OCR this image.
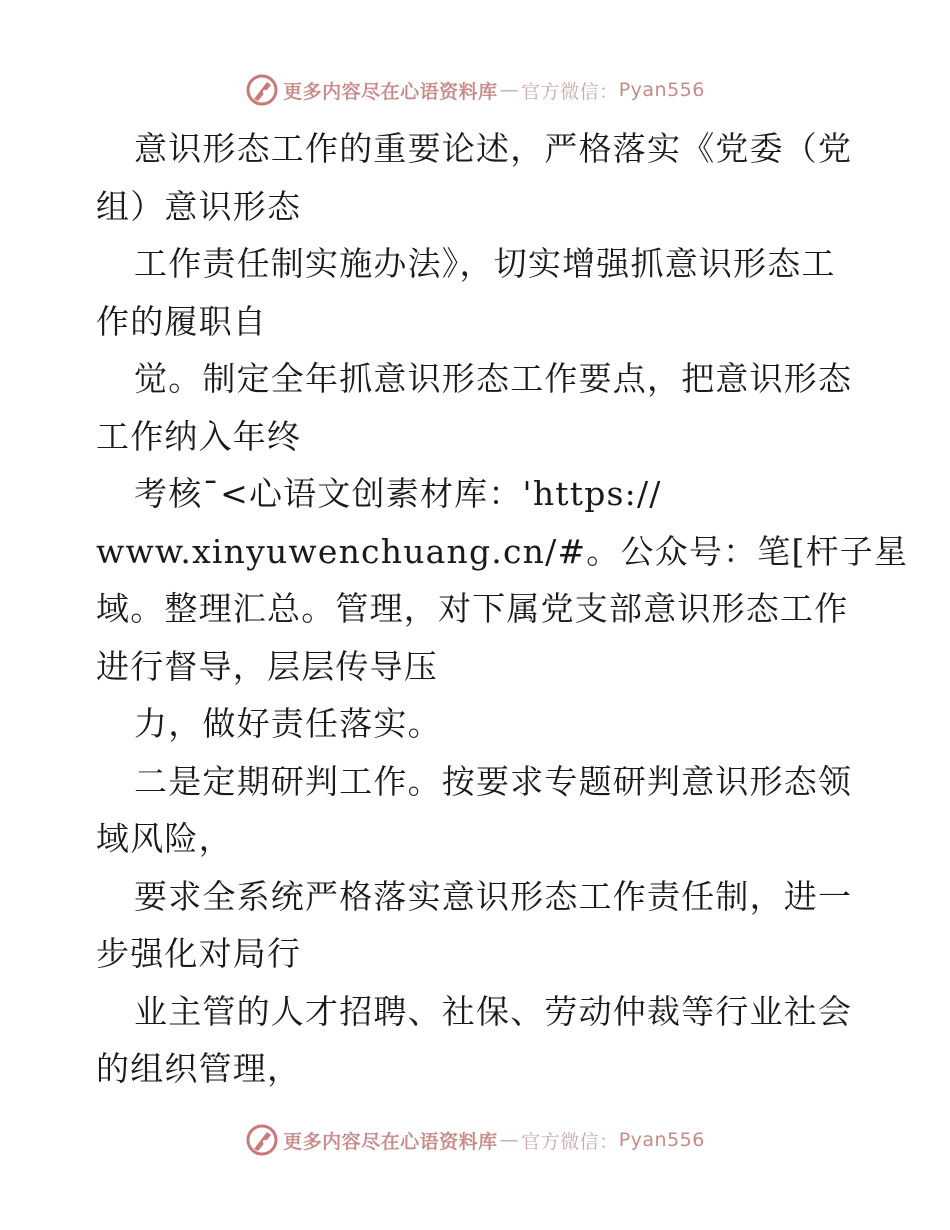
更多内容尽在心语资料库 — 官方微信： Pyan556
意识形态工作的重要论述，严格落实《党委（党
组）意识形态
工作责任制实施办法》，切实增强抓意识形态工
作的履职自
觉。制定全年抓意识形态工作要点，把意识形态
工作纳入年终
考核¯<心语文创素材库：'https://
www.xinyuwenchuang.cn/#。公众号：笔[杆子星
域。整理汇总。管理，对下属党支部意识形态工作
进行督导，层层传导压
力，做好责任落实。
二是定期研判工作。按要求专题研判意识形态领
域风险，
要求全系统严格落实意识形态工作责任制，进一
步强化对局行
业主管的人才招聘、社保、劳动仲裁等行业社会
的组织管理，
更多内容尽在心语资料库 — 官方微信： Pyan556
